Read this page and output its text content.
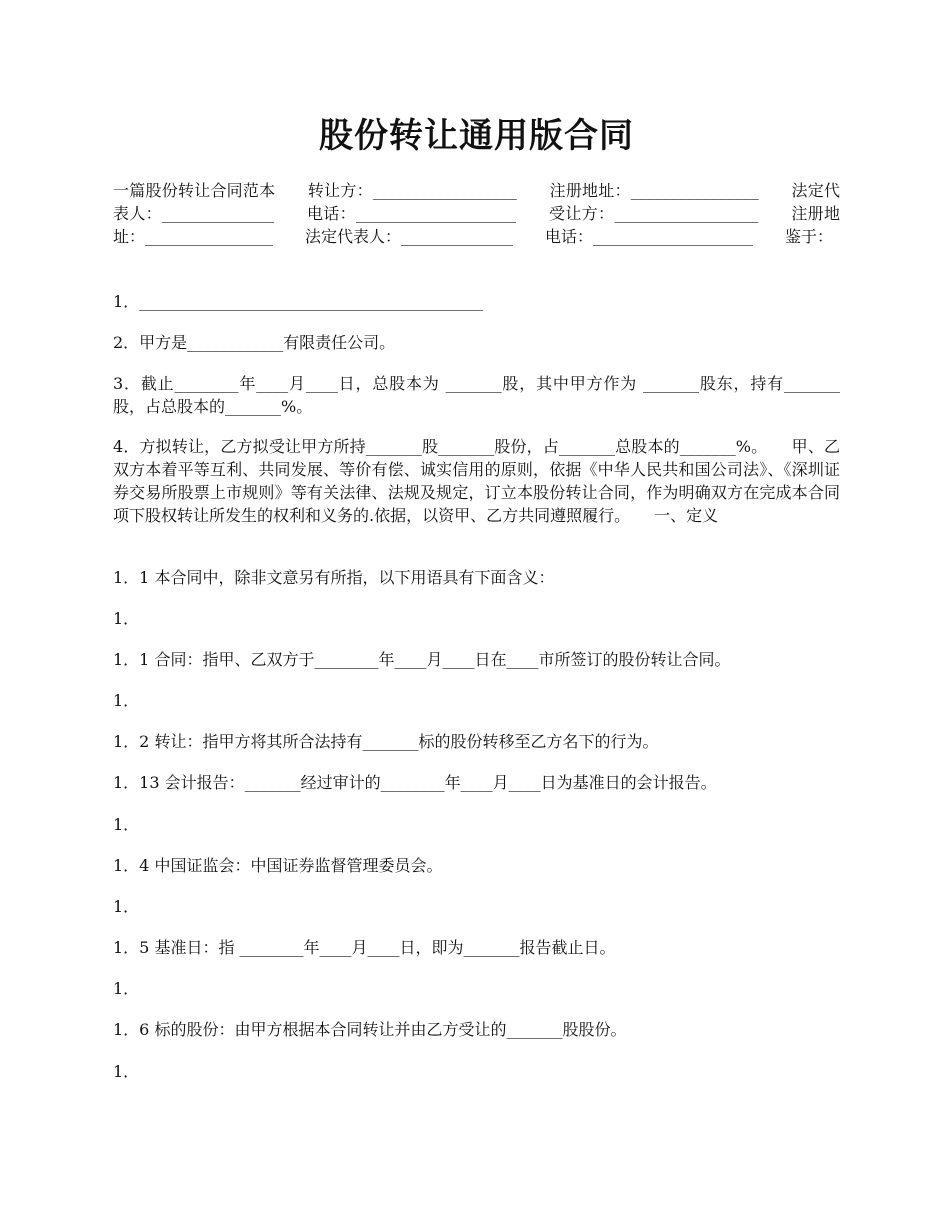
股份转让通用版合同

一篇股份转让合同范本　　转让方：__________________　　注册地址：________________　　法定代表人：______________　　电话：____________________　　受让方：__________________　　注册地址：________________　　法定代表人：______________　　电话：____________________　　鉴于：

1．___________________________________________

2．甲方是____________有限责任公司。

3．截止________年____月____日，总股本为 _______股，其中甲方作为 _______股东，持有_______股，占总股本的_______%。

4．方拟转让，乙方拟受让甲方所持_______股_______股份，占_______总股本的_______%。　　甲、乙双方本着平等互利、共同发展、等价有偿、诚实信用的原则，依据《中华人民共和国公司法》、《深圳证券交易所股票上市规则》等有关法律、法规及规定，订立本股份转让合同，作为明确双方在完成本合同项下股权转让所发生的权利和义务的.依据，以资甲、乙方共同遵照履行。　　一、定义

1．1 本合同中，除非文意另有所指，以下用语具有下面含义：

1．

1．1 合同：指甲、乙双方于________年____月____日在____市所签订的股份转让合同。

1．

1．2 转让：指甲方将其所合法持有_______标的股份转移至乙方名下的行为。

1．13 会计报告：_______经过审计的________年____月____日为基准日的会计报告。

1．

1．4 中国证监会：中国证券监督管理委员会。

1．

1．5 基准日：指 ________年____月____日，即为_______报告截止日。

1．

1．6 标的股份：由甲方根据本合同转让并由乙方受让的_______股股份。

1．
